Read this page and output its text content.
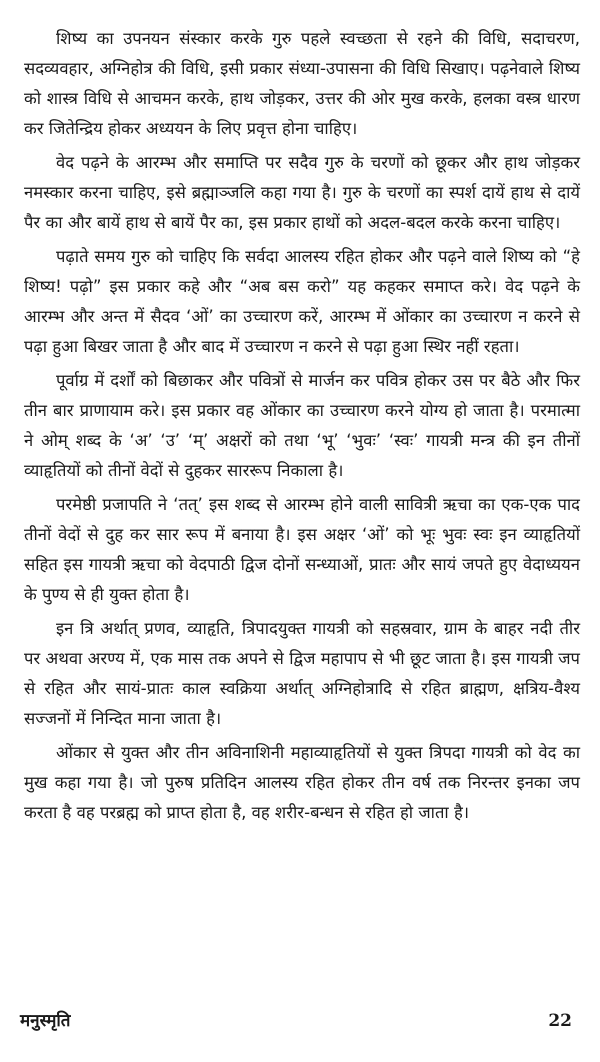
शिष्य का उपनयन संस्कार करके गुरु पहले स्वच्छता से रहने की विधि, सदाचरण, सदव्यवहार, अग्निहोत्र की विधि, इसी प्रकार संध्या-उपासना की विधि सिखाए। पढ़नेवाले शिष्य को शास्त्र विधि से आचमन करके, हाथ जोड़कर, उत्तर की ओर मुख करके, हलका वस्त्र धारण कर जितेन्द्रिय होकर अध्ययन के लिए प्रवृत्त होना चाहिए।

वेद पढ़ने के आरम्भ और समाप्ति पर सदैव गुरु के चरणों को छूकर और हाथ जोड़कर नमस्कार करना चाहिए, इसे ब्रह्माञ्जलि कहा गया है। गुरु के चरणों का स्पर्श दायें हाथ से दायें पैर का और बायें हाथ से बायें पैर का, इस प्रकार हाथों को अदल-बदल करके करना चाहिए।

पढ़ाते समय गुरु को चाहिए कि सर्वदा आलस्य रहित होकर और पढ़ने वाले शिष्य को “हे शिष्य! पढ़ो” इस प्रकार कहे और “अब बस करो” यह कहकर समाप्त करे। वेद पढ़ने के आरम्भ और अन्त में सैदव ‘ओं’ का उच्चारण करें, आरम्भ में ओंकार का उच्चारण न करने से पढ़ा हुआ बिखर जाता है और बाद में उच्चारण न करने से पढ़ा हुआ स्थिर नहीं रहता।

पूर्वाग्र में दर्शों को बिछाकर और पवित्रों से मार्जन कर पवित्र होकर उस पर बैठे और फिर तीन बार प्राणायाम करे। इस प्रकार वह ओंकार का उच्चारण करने योग्य हो जाता है। परमात्मा ने ओम् शब्द के ‘अ’ ‘उ’ ‘म्’ अक्षरों को तथा ‘भू’ ‘भुवः’ ‘स्वः’ गायत्री मन्त्र की इन तीनों व्याहृतियों को तीनों वेदों से दुहकर साररूप निकाला है।

परमेष्ठी प्रजापति ने ‘तत्’ इस शब्द से आरम्भ होने वाली सावित्री ऋचा का एक-एक पाद तीनों वेदों से दुह कर सार रूप में बनाया है। इस अक्षर ‘ओं’ को भूः भुवः स्वः इन व्याहृतियों सहित इस गायत्री ऋचा को वेदपाठी द्विज दोनों सन्ध्याओं, प्रातः और सायं जपते हुए वेदाध्ययन के पुण्य से ही युक्त होता है।

इन त्रि अर्थात् प्रणव, व्याहृति, त्रिपादयुक्त गायत्री को सहस्रवार, ग्राम के बाहर नदी तीर पर अथवा अरण्य में, एक मास तक अपने से द्विज महापाप से भी छूट जाता है। इस गायत्री जप से रहित और सायं-प्रातः काल स्वक्रिया अर्थात् अग्निहोत्रादि से रहित ब्राह्मण, क्षत्रिय-वैश्य सज्जनों में निन्दित माना जाता है।

ओंकार से युक्त और तीन अविनाशिनी महाव्याहृतियों से युक्त त्रिपदा गायत्री को वेद का मुख कहा गया है। जो पुरुष प्रतिदिन आलस्य रहित होकर तीन वर्ष तक निरन्तर इनका जप करता है वह परब्रह्म को प्राप्त होता है, वह शरीर-बन्धन से रहित हो जाता है।

मनुस्मृति	22
